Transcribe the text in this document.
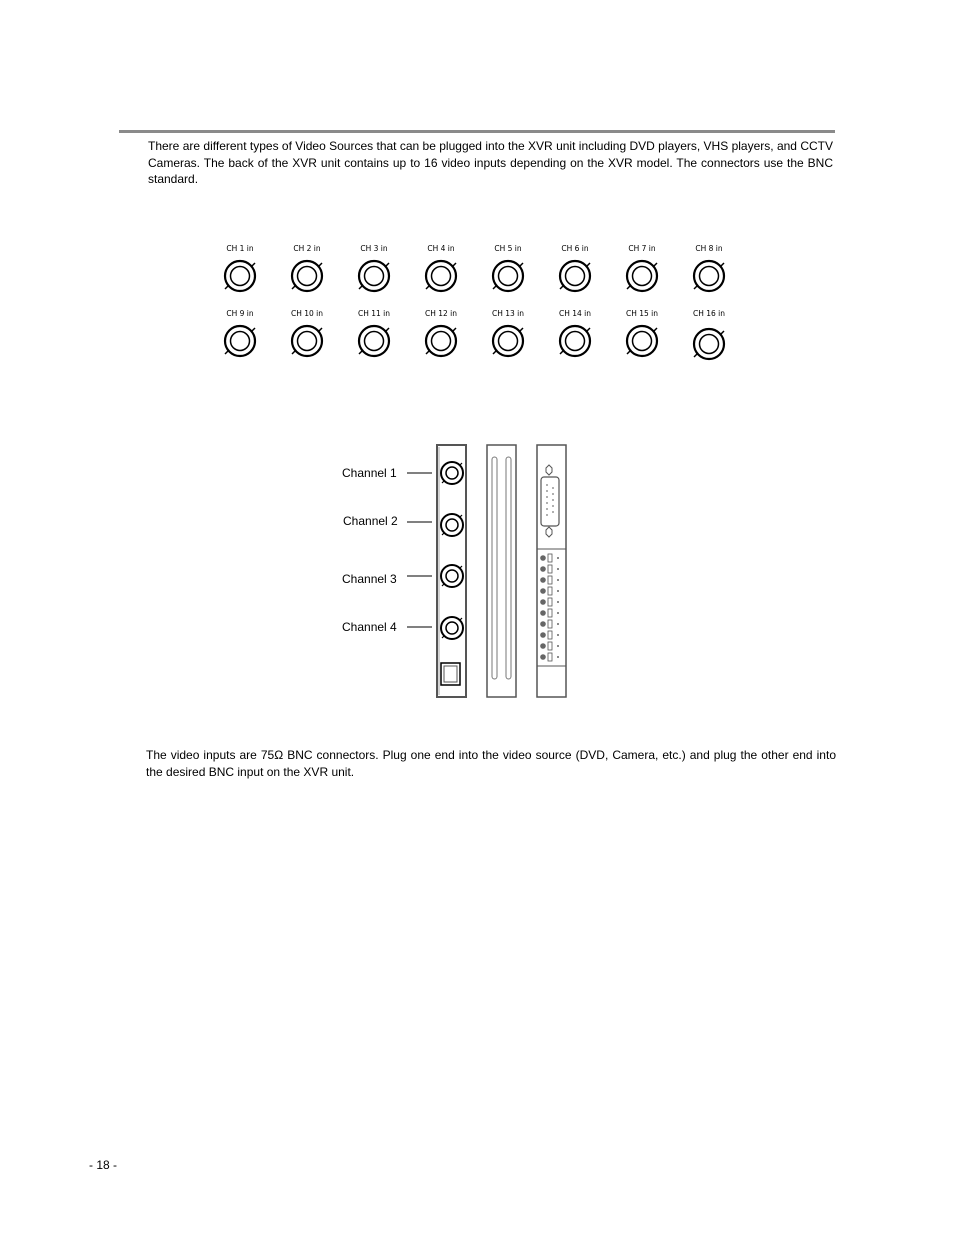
There are different types of Video Sources that can be plugged into the XVR unit including DVD players, VHS players, and CCTV Cameras. The back of the XVR unit contains up to 16 video inputs depending on the XVR model. The connectors use the BNC standard.

CH 1 in	CH 2 in	CH 3 in	CH 4 in	CH 5 in	CH 6 in	CH 7 in	CH 8 in
CH 9 in	CH 10 in	CH 11 in	CH 12 in	CH 13 in	CH 14 in	CH 15 in	CH 16 in
Channel 1
Channel 2
Channel 3
Channel 4

The video inputs are 75Ω BNC connectors. Plug one end into the video source (DVD, Camera, etc.) and plug the other end into the desired BNC input on the XVR unit.

- 18 -
